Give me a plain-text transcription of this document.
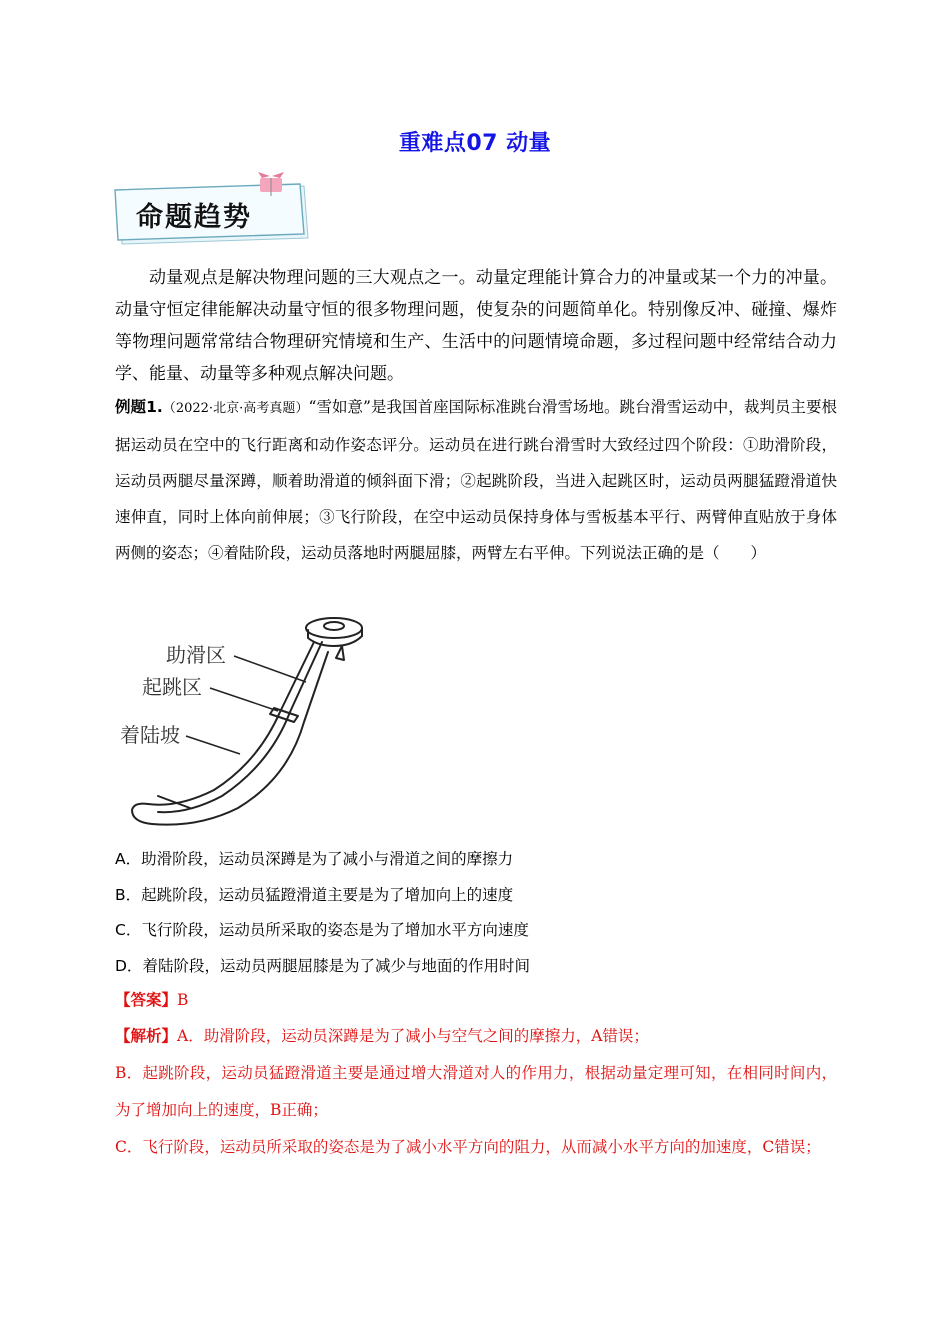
重难点07 动量
命题趋势
动量观点是解决物理问题的三大观点之一。动量定理能计算合力的冲量或某一个力的冲量。动量守恒定律能解决动量守恒的很多物理问题，使复杂的问题简单化。特别像反冲、碰撞、爆炸等物理问题常常结合物理研究情境和生产、生活中的问题情境命题，多过程问题中经常结合动力学、能量、动量等多种观点解决问题。
例题1.（2022·北京·高考真题）“雪如意”是我国首座国际标准跳台滑雪场地。跳台滑雪运动中，裁判员主要根据运动员在空中的飞行距离和动作姿态评分。运动员在进行跳台滑雪时大致经过四个阶段：①助滑阶段，运动员两腿尽量深蹲，顺着助滑道的倾斜面下滑；②起跳阶段，当进入起跳区时，运动员两腿猛蹬滑道快速伸直，同时上体向前伸展；③飞行阶段，在空中运动员保持身体与雪板基本平行、两臂伸直贴放于身体两侧的姿态；④着陆阶段，运动员落地时两腿屈膝，两臂左右平伸。下列说法正确的是（　　）
助滑区
起跳区
着陆坡
A．助滑阶段，运动员深蹲是为了减小与滑道之间的摩擦力
B．起跳阶段，运动员猛蹬滑道主要是为了增加向上的速度
C．飞行阶段，运动员所采取的姿态是为了增加水平方向速度
D．着陆阶段，运动员两腿屈膝是为了减少与地面的作用时间
【答案】B
【解析】A．助滑阶段，运动员深蹲是为了减小与空气之间的摩擦力，A错误；
B．起跳阶段，运动员猛蹬滑道主要是通过增大滑道对人的作用力，根据动量定理可知，在相同时间内，为了增加向上的速度，B正确；
C．飞行阶段，运动员所采取的姿态是为了减小水平方向的阻力，从而减小水平方向的加速度，C错误；
